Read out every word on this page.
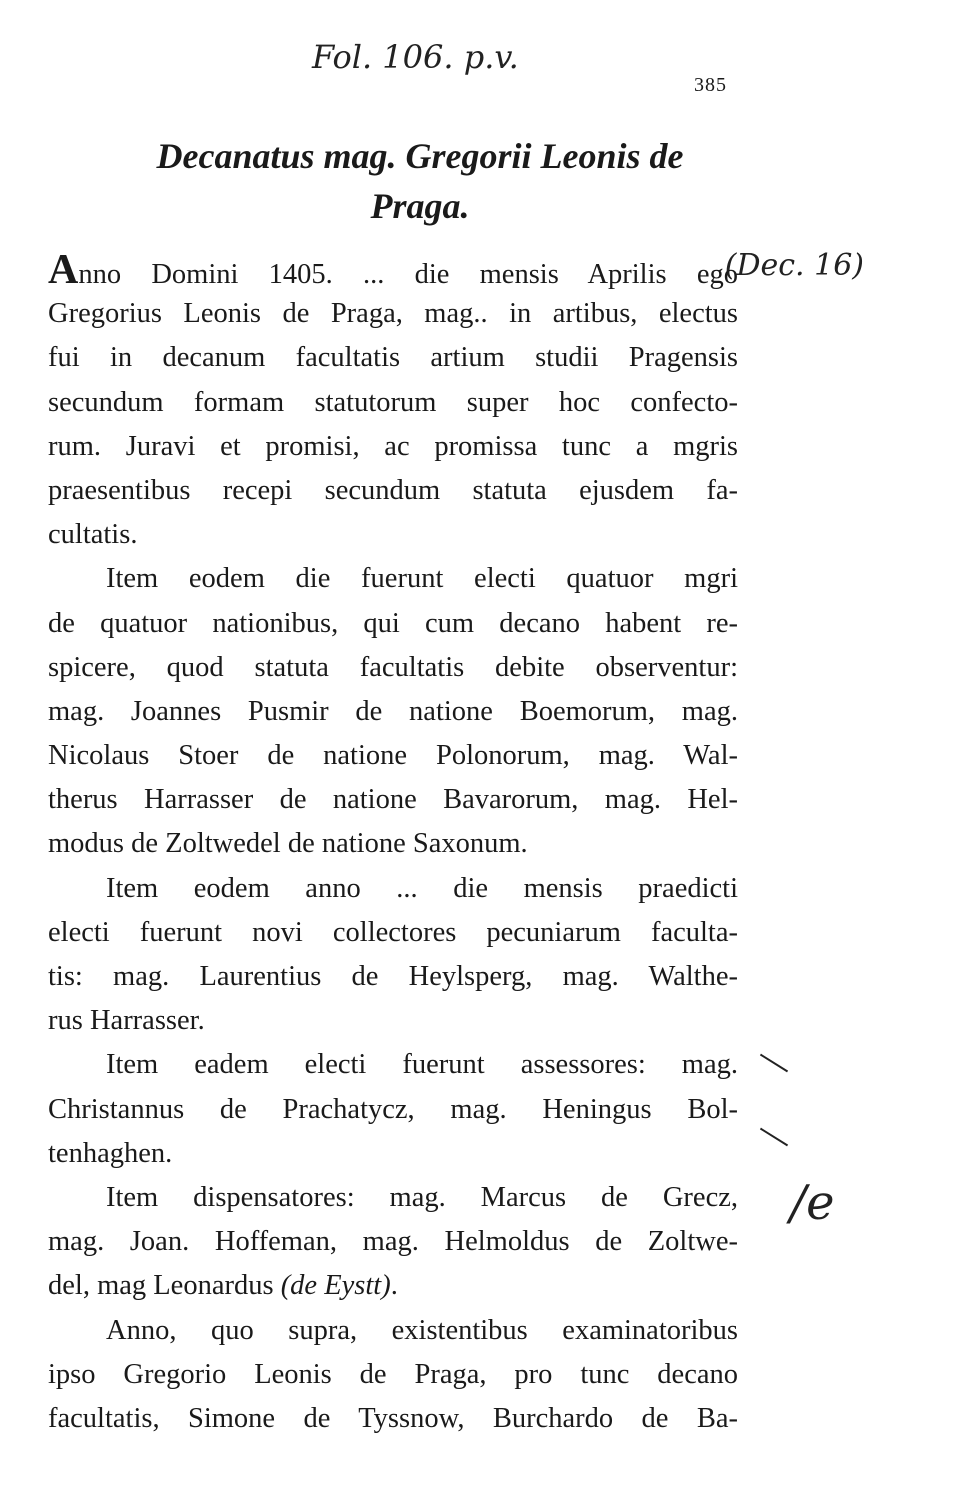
Fol. 106. p.v.
385
Decanatus mag. Gregorii Leonis de
Praga.
(Dec. 16)
Anno Domini 1405. ... die mensis Aprilis ego
Gregorius Leonis de Praga, mag.. in artibus, electus
fui in decanum facultatis artium studii Pragensis
secundum formam statutorum super hoc confecto-
rum. Juravi et promisi, ac promissa tunc a mgris
praesentibus recepi secundum statuta ejusdem fa-
cultatis.
Item eodem die fuerunt electi quatuor mgri
de quatuor nationibus, qui cum decano habent re-
spicere, quod statuta facultatis debite observentur:
mag. Joannes Pusmir de natione Boemorum, mag.
Nicolaus Stoer de natione Polonorum, mag. Wal-
therus Harrasser de natione Bavarorum, mag. Hel-
modus de Zoltwedel de natione Saxonum.
Item eodem anno ... die mensis praedicti
electi fuerunt novi collectores pecuniarum faculta-
tis: mag. Laurentius de Heylsperg, mag. Walthe-
rus Harrasser.
Item eadem electi fuerunt assessores: mag.
Christannus de Prachatycz, mag. Heningus Bol-
tenhaghen.
Item dispensatores: mag. Marcus de Grecz,
mag. Joan. Hoffeman, mag. Helmoldus de Zoltwe-
del, mag Leonardus (de Eystt).
Anno, quo supra, existentibus examinatoribus
ipso Gregorio Leonis de Praga, pro tunc decano
facultatis, Simone de Tyssnow, Burchardo de Ba-
/e
